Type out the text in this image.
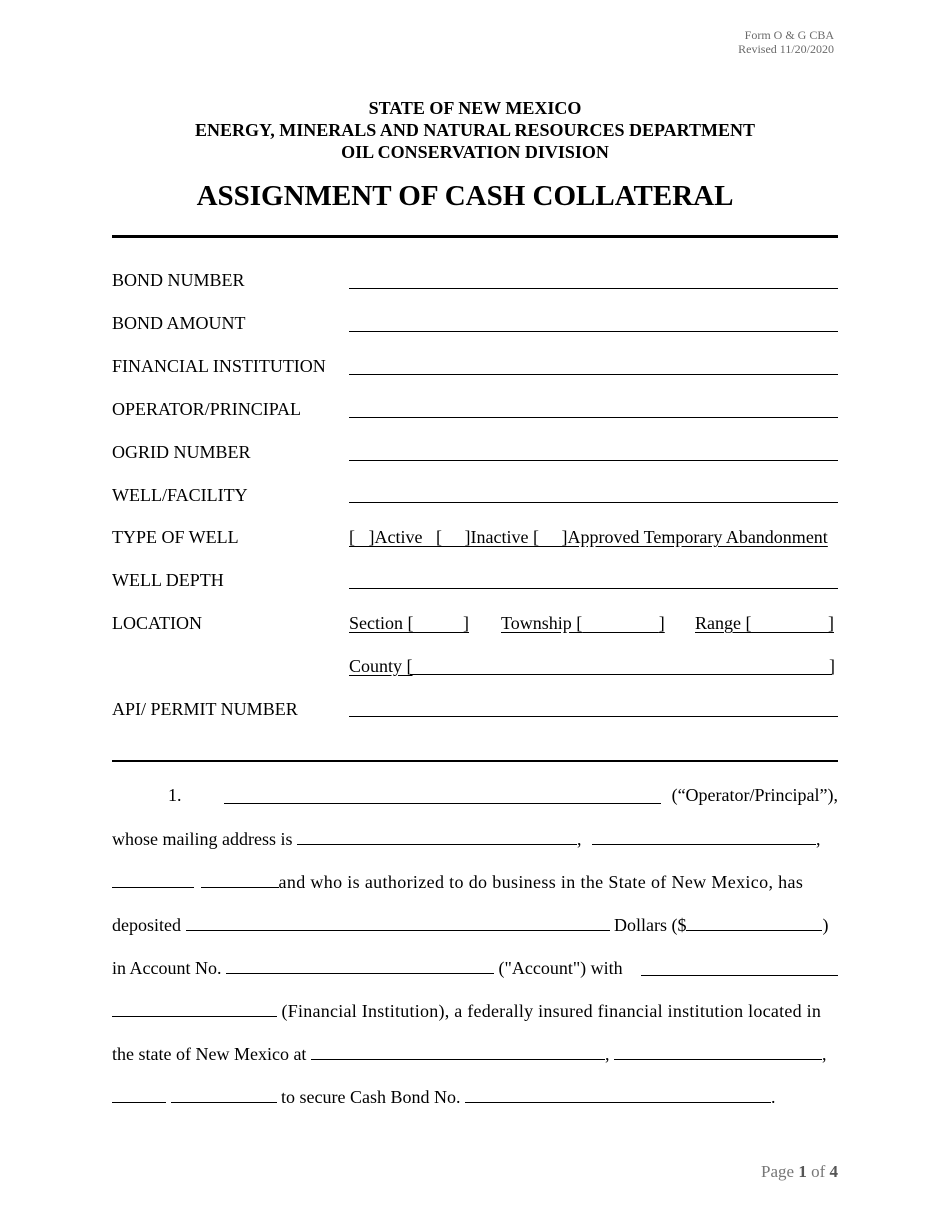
Form O & G CBA
Revised 11/20/2020
STATE OF NEW MEXICO
ENERGY, MINERALS AND NATURAL RESOURCES DEPARTMENT
OIL CONSERVATION DIVISION
ASSIGNMENT OF CASH COLLATERAL
BOND NUMBER
BOND AMOUNT
FINANCIAL INSTITUTION
OPERATOR/PRINCIPAL
OGRID NUMBER
WELL/FACILITY
TYPE OF WELL	[   ]Active   [     ]Inactive [     ]Approved Temporary Abandonment
WELL DEPTH
LOCATION	Section [	] Township [	] Range [	]
County [	]
API/ PERMIT NUMBER
1.	(“Operator/Principal”),
whose mailing address is	,	,
and who is authorized to do business in the State of New Mexico, has
deposited	Dollars ($	)
in Account No.	("Account") with
(Financial Institution), a federally insured financial institution located in
the state of New Mexico at	,	,
to secure Cash Bond No.	.
Page 1 of 4
